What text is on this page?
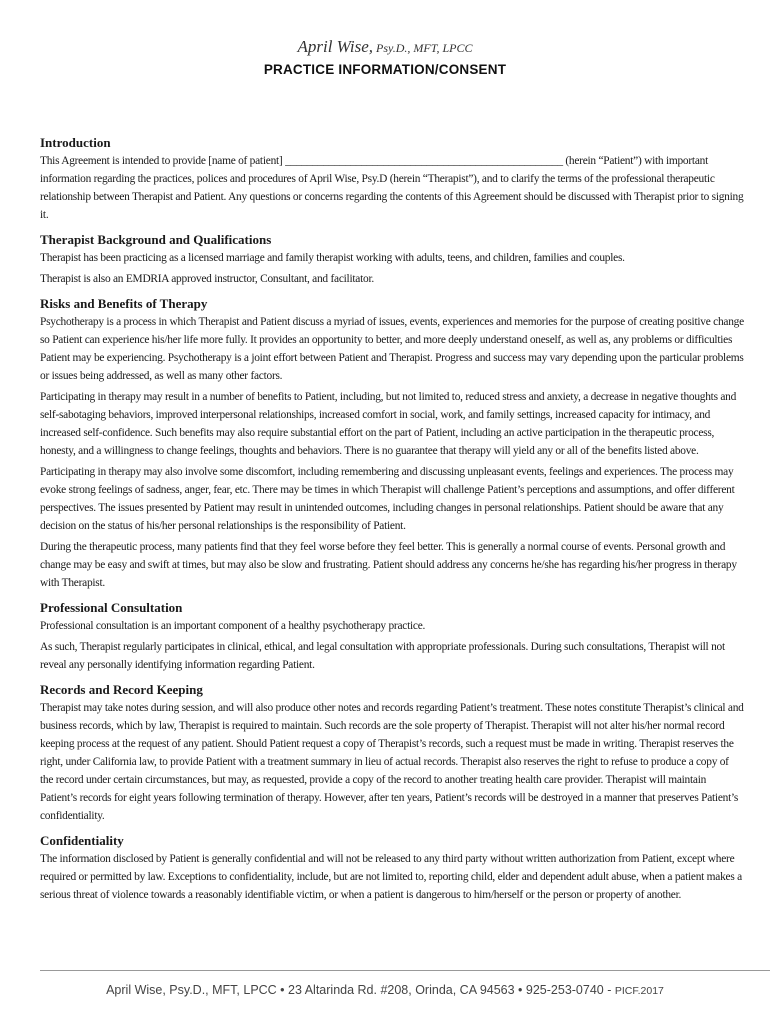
April Wise, Psy.D., MFT, LPCC
PRACTICE INFORMATION/CONSENT
Introduction

This Agreement is intended to provide [name of patient] ___________________________________________________ (herein “Patient”) with important information regarding the practices, polices and procedures of April Wise, Psy.D (herein “Therapist”), and to clarify the terms of the professional therapeutic relationship between Therapist and Patient. Any questions or concerns regarding the contents of this Agreement should be discussed with Therapist prior to signing it.

Therapist Background and Qualifications

Therapist has been practicing as a licensed marriage and family therapist working with adults, teens, and children, families and couples.

Therapist is also an EMDRIA approved instructor, Consultant, and facilitator.

Risks and Benefits of Therapy

Psychotherapy is a process in which Therapist and Patient discuss a myriad of issues, events, experiences and memories for the purpose of creating positive change so Patient can experience his/her life more fully. It provides an opportunity to better, and more deeply understand oneself, as well as, any problems or difficulties Patient may be experiencing. Psychotherapy is a joint effort between Patient and Therapist. Progress and success may vary depending upon the particular problems or issues being addressed, as well as many other factors.

Participating in therapy may result in a number of benefits to Patient, including, but not limited to, reduced stress and anxiety, a decrease in negative thoughts and self-sabotaging behaviors, improved interpersonal relationships, increased comfort in social, work, and family settings, increased capacity for intimacy, and increased self-confidence. Such benefits may also require substantial effort on the part of Patient, including an active participation in the therapeutic process, honesty, and a willingness to change feelings, thoughts and behaviors. There is no guarantee that therapy will yield any or all of the benefits listed above.

Participating in therapy may also involve some discomfort, including remembering and discussing unpleasant events, feelings and experiences. The process may evoke strong feelings of sadness, anger, fear, etc. There may be times in which Therapist will challenge Patient’s perceptions and assumptions, and offer different perspectives. The issues presented by Patient may result in unintended outcomes, including changes in personal relationships. Patient should be aware that any decision on the status of his/her personal relationships is the responsibility of Patient.

During the therapeutic process, many patients find that they feel worse before they feel better. This is generally a normal course of events. Personal growth and change may be easy and swift at times, but may also be slow and frustrating. Patient should address any concerns he/she has regarding his/her progress in therapy with Therapist.

Professional Consultation

Professional consultation is an important component of a healthy psychotherapy practice.

As such, Therapist regularly participates in clinical, ethical, and legal consultation with appropriate professionals. During such consultations, Therapist will not reveal any personally identifying information regarding Patient.

Records and Record Keeping

Therapist may take notes during session, and will also produce other notes and records regarding Patient’s treatment. These notes constitute Therapist’s clinical and business records, which by law, Therapist is required to maintain. Such records are the sole property of Therapist. Therapist will not alter his/her normal record keeping process at the request of any patient. Should Patient request a copy of Therapist’s records, such a request must be made in writing. Therapist reserves the right, under California law, to provide Patient with a treatment summary in lieu of actual records. Therapist also reserves the right to refuse to produce a copy of the record under certain circumstances, but may, as requested, provide a copy of the record to another treating health care provider. Therapist will maintain Patient’s records for eight years following termination of therapy. However, after ten years, Patient’s records will be destroyed in a manner that preserves Patient’s confidentiality.

Confidentiality

The information disclosed by Patient is generally confidential and will not be released to any third party without written authorization from Patient, except where required or permitted by law. Exceptions to confidentiality, include, but are not limited to, reporting child, elder and dependent adult abuse, when a patient makes a serious threat of violence towards a reasonably identifiable victim, or when a patient is dangerous to him/herself or the person or property of another.

April Wise, Psy.D., MFT, LPCC • 23 Altarinda Rd. #208, Orinda, CA 94563 • 925-253-0740 - PICF.2017
